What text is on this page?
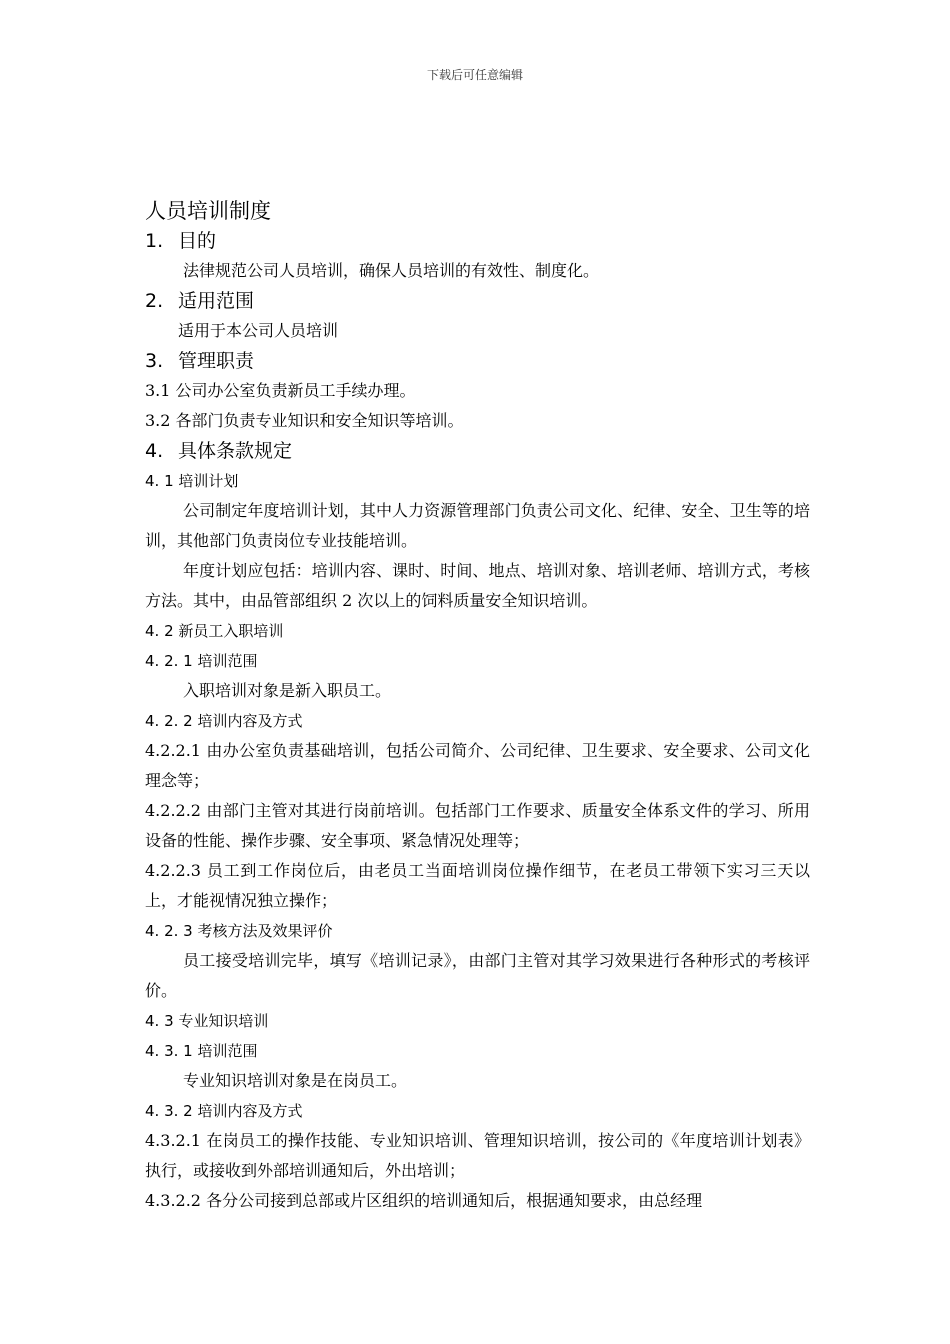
下载后可任意编辑

人员培训制度

1. 目的

法律规范公司人员培训，确保人员培训的有效性、制度化。

2. 适用范围

适用于本公司人员培训

3. 管理职责

3.1 公司办公室负责新员工手续办理。

3.2 各部门负责专业知识和安全知识等培训。

4. 具体条款规定

4. 1 培训计划

公司制定年度培训计划，其中人力资源管理部门负责公司文化、纪律、安全、卫生等的培训，其他部门负责岗位专业技能培训。

年度计划应包括：培训内容、课时、时间、地点、培训对象、培训老师、培训方式，考核方法。其中，由品管部组织 2 次以上的饲料质量安全知识培训。

4. 2 新员工入职培训

4. 2. 1 培训范围

入职培训对象是新入职员工。

4. 2. 2 培训内容及方式

4.2.2.1 由办公室负责基础培训，包括公司简介、公司纪律、卫生要求、安全要求、公司文化理念等；

4.2.2.2 由部门主管对其进行岗前培训。包括部门工作要求、质量安全体系文件的学习、所用设备的性能、操作步骤、安全事项、紧急情况处理等；

4.2.2.3 员工到工作岗位后，由老员工当面培训岗位操作细节，在老员工带领下实习三天以上，才能视情况独立操作；

4. 2. 3 考核方法及效果评价

员工接受培训完毕，填写《培训记录》，由部门主管对其学习效果进行各种形式的考核评价。

4. 3 专业知识培训

4. 3. 1 培训范围

专业知识培训对象是在岗员工。

4. 3. 2 培训内容及方式

4.3.2.1 在岗员工的操作技能、专业知识培训、管理知识培训，按公司的《年度培训计划表》执行，或接收到外部培训通知后，外出培训；

4.3.2.2 各分公司接到总部或片区组织的培训通知后，根据通知要求，由总经理
